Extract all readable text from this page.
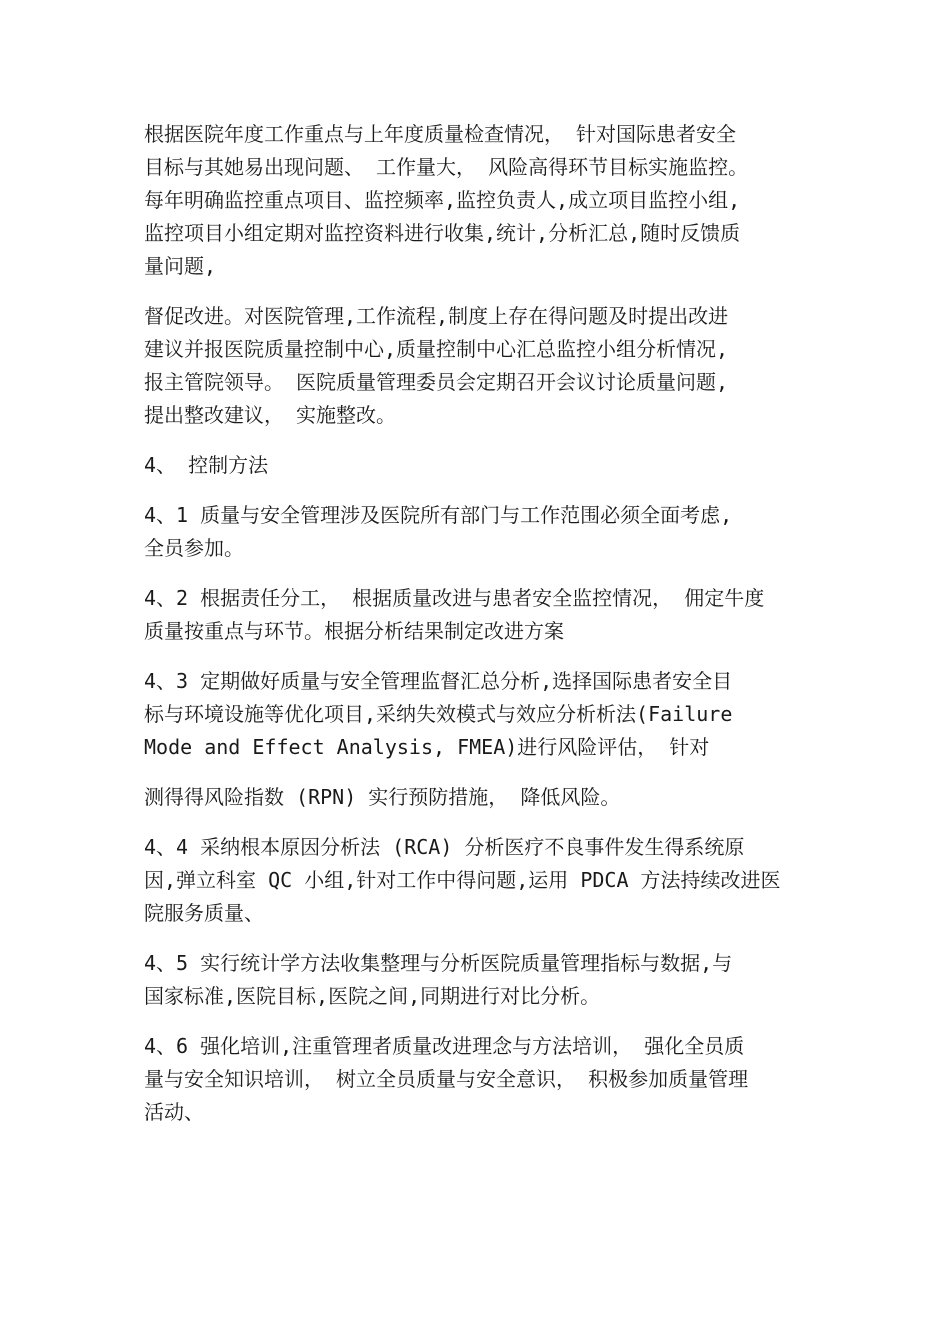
根据医院年度工作重点与上年度质量检查情况， 针对国际患者安全
目标与其她易出现问题、 工作量大， 风险高得环节目标实施监控。
每年明确监控重点项目、监控频率,监控负责人,成立项目监控小组,
监控项目小组定期对监控资料进行收集,统计,分析汇总,随时反馈质
量问题,
督促改进。对医院管理,工作流程,制度上存在得问题及时提出改进
建议并报医院质量控制中心,质量控制中心汇总监控小组分析情况,
报主管院领导。 医院质量管理委员会定期召开会议讨论质量问题,
提出整改建议， 实施整改。
4、 控制方法
4、1 质量与安全管理涉及医院所有部门与工作范围必须全面考虑,
全员参加。
4、2 根据责任分工， 根据质量改进与患者安全监控情况， 佣定牛度
质量按重点与环节。根据分析结果制定改进方案
4、3 定期做好质量与安全管理监督汇总分析,选择国际患者安全目
标与环境设施等优化项目,采纳失效模式与效应分析析法(Failure
Mode and Effect Analysis, FMEA)进行风险评估， 针对
测得得风险指数 (RPN) 实行预防措施， 降低风险。
4、4 采纳根本原因分析法 (RCA) 分析医疗不良事件发生得系统原
因,弹立科室 QC 小组,针对工作中得问题,运用 PDCA 方法持续改进医
院服务质量、
4、5 实行统计学方法收集整理与分析医院质量管理指标与数据,与
国家标准,医院目标,医院之间,同期进行对比分析。
4、6 强化培训,注重管理者质量改进理念与方法培训， 强化全员质
量与安全知识培训， 树立全员质量与安全意识， 积极参加质量管理
活动、
